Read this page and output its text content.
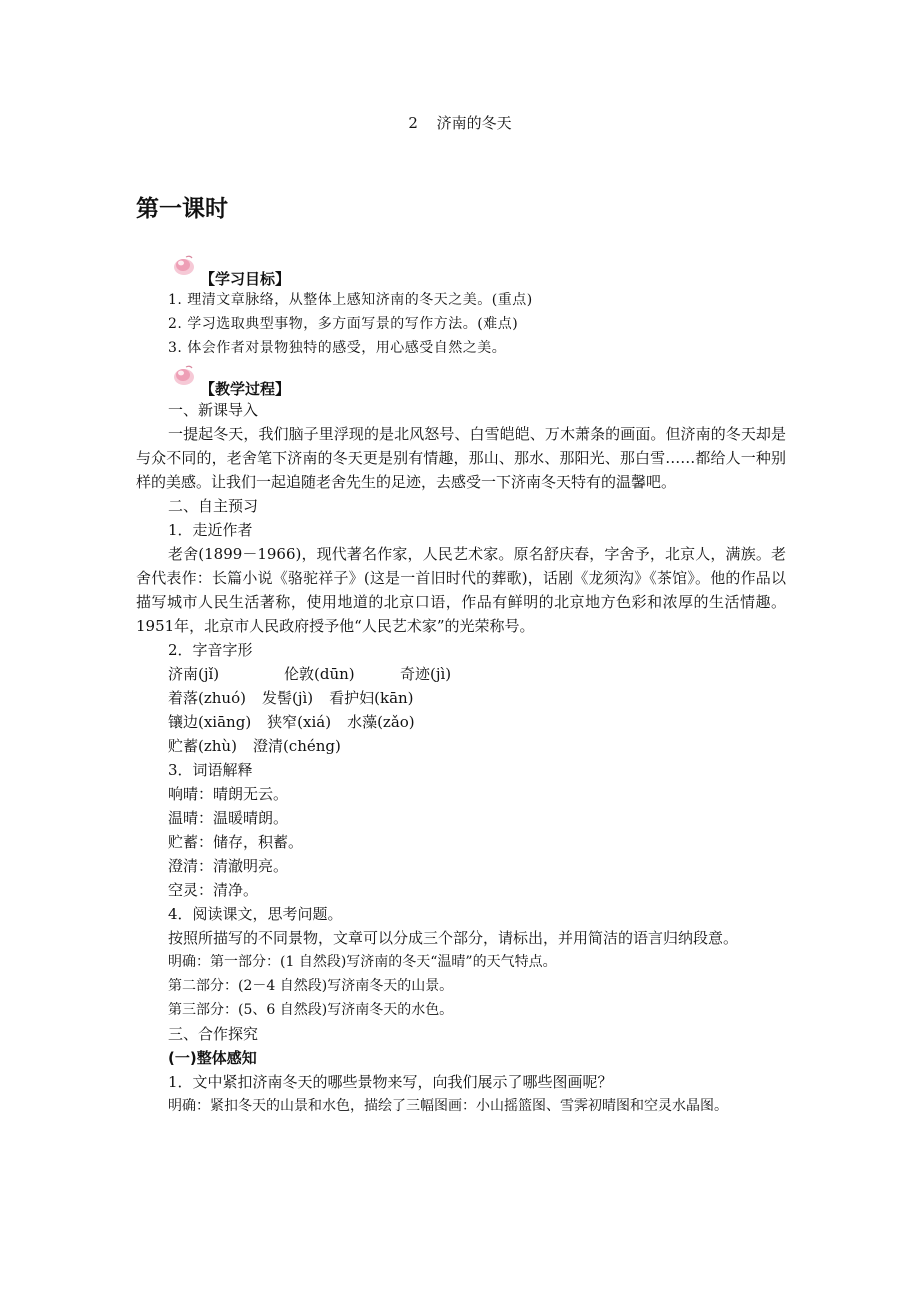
2 济南的冬天
第一课时
【学习目标】
1. 理清文章脉络，从整体上感知济南的冬天之美。(重点)
2. 学习选取典型事物，多方面写景的写作方法。(难点)
3. 体会作者对景物独特的感受，用心感受自然之美。
【教学过程】
一、新课导入
一提起冬天，我们脑子里浮现的是北风怒号、白雪皑皑、万木萧条的画面。但济南的冬天却是与众不同的，老舍笔下济南的冬天更是别有情趣，那山、那水、那阳光、那白雪……都给人一种别样的美感。让我们一起追随老舍先生的足迹，去感受一下济南冬天特有的温馨吧。
二、自主预习
1．走近作者
老舍(1899－1966)，现代著名作家，人民艺术家。原名舒庆春，字舍予，北京人，满族。老舍代表作：长篇小说《骆驼祥子》(这是一首旧时代的葬歌)，话剧《龙须沟》《茶馆》。他的作品以描写城市人民生活著称，使用地道的北京口语，作品有鲜明的北京地方色彩和浓厚的生活情趣。1951年，北京市人民政府授予他“人民艺术家”的光荣称号。
2．字音字形
济南(jǐ)	伦敦(dūn)	奇迹(jì)
着落(zhuó) 发髻(jì) 看护妇(kān)
镶边(xiāng) 狭窄(xiá) 水藻(zǎo)
贮蓄(zhù) 澄清(chéng)
3．词语解释
响晴：晴朗无云。
温晴：温暖晴朗。
贮蓄：储存，积蓄。
澄清：清澈明亮。
空灵：清净。
4．阅读课文，思考问题。
按照所描写的不同景物，文章可以分成三个部分，请标出，并用简洁的语言归纳段意。
明确：第一部分：(1 自然段)写济南的冬天“温晴”的天气特点。
第二部分：(2－4 自然段)写济南冬天的山景。
第三部分：(5、6 自然段)写济南冬天的水色。
三、合作探究
(一)整体感知
1．文中紧扣济南冬天的哪些景物来写，向我们展示了哪些图画呢？
明确：紧扣冬天的山景和水色，描绘了三幅图画：小山摇篮图、雪霁初晴图和空灵水晶图。
